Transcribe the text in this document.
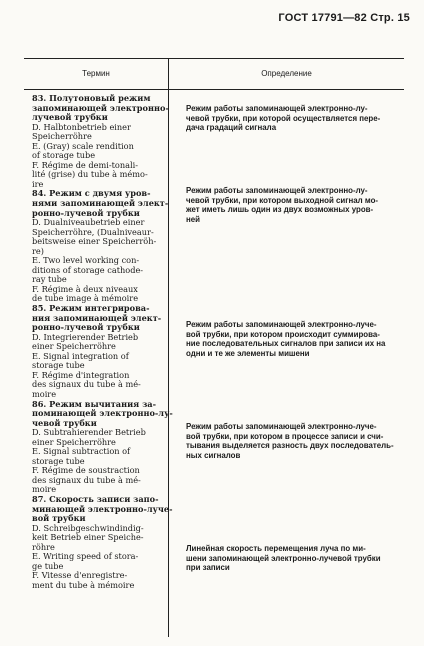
ГОСТ 17791—82 Стр. 15
Термин	Определение
83. Полутоновый режим
запоминающей электронно-
лучевой трубки
D. Halbtonbetrieb einer
Speicherröhre
E. (Gray) scale rendition
of storage tube
F. Régime de demi-tonali-
lité (grise) du tube à mémo-
ire
84. Режим с двумя уров-
нями запоминающей элект-
ронно-лучевой трубки
D. Dualniveaubetrieb einer
Speicherröhre, (Dualniveaur-
beitsweise einer Speicherröh-
re)
E. Two level working con-
ditions of storage cathode-
ray tube
F. Régime à deux niveaux
de tube image à mémoire
85. Режим интегрирова-
ния запоминающей элект-
ронно-лучевой трубки
D. Integrierender Betrieb
einer Speicherröhre
E. Signal integration of
storage tube
F. Régime d'integration
des signaux du tube à mé-
moire
86. Режим вычитания за-
поминающей электронно-лу-
чевой трубки
D. Subtrahierender Betrieb
einer Speicherröhre
E. Signal subtraction of
storage tube
F. Régime de soustraction
des signaux du tube à mé-
moire
87. Скорость записи запо-
минающей электронно-луче-
вой трубки
D. Schreibgeschwindindig-
keit Betrieb einer Speiche-
röhre
E. Writing speed of stora-
ge tube
F. Vitesse d'enregistre-
ment du tube à mémoire
Режим работы запоминающей электронно-лу-
чевой трубки, при которой осуществляется пере-
дача градаций сигнала
Режим работы запоминающей электронно-лу-
чевой трубки, при котором выходной сигнал мо-
жет иметь лишь один из двух возможных уров-
ней
Режим работы запоминающей электронно-луче-
вой трубки, при котором происходит суммирова-
ние последовательных сигналов при записи их на
одни и те же элементы мишени
Режим работы запоминающей электронно-луче-
вой трубки, при котором в процессе записи и счи-
тывания выделяется разность двух последователь-
ных сигналов
Линейная скорость перемещения луча по ми-
шени запоминающей электронно-лучевой трубки
при записи
